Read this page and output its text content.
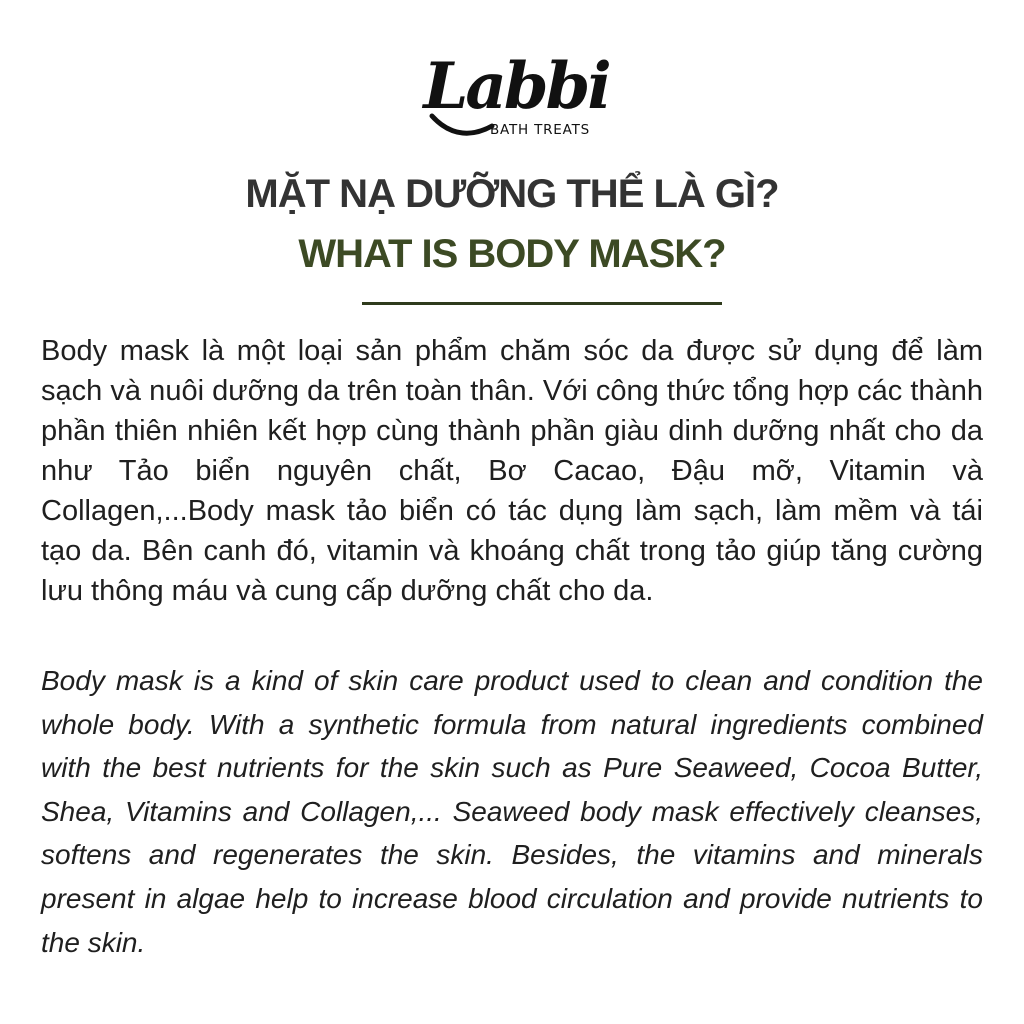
Labbi
BATH TREATS
MẶT NẠ DƯỠNG THỂ LÀ GÌ?
WHAT IS BODY MASK?

Body mask là một loại sản phẩm chăm sóc da được sử dụng để làm sạch và nuôi dưỡng da trên toàn thân. Với công thức tổng hợp các thành phần thiên nhiên kết hợp cùng thành phần giàu dinh dưỡng nhất cho da như Tảo biển nguyên chất, Bơ Cacao, Đậu mỡ, Vitamin và Collagen,...Body mask tảo biển có tác dụng làm sạch, làm mềm và tái tạo da. Bên canh đó, vitamin và khoáng chất trong tảo giúp tăng cường lưu thông máu và cung cấp dưỡng chất cho da.

Body mask is a kind of skin care product used to clean and condition the whole body. With a synthetic formula from natural ingredients combined with the best nutrients for the skin such as Pure Seaweed, Cocoa Butter, Shea, Vitamins and Collagen,... Seaweed body mask effectively cleanses, softens and regenerates the skin. Besides, the vitamins and minerals present in algae help to increase blood circulation and provide nutrients to the skin.
